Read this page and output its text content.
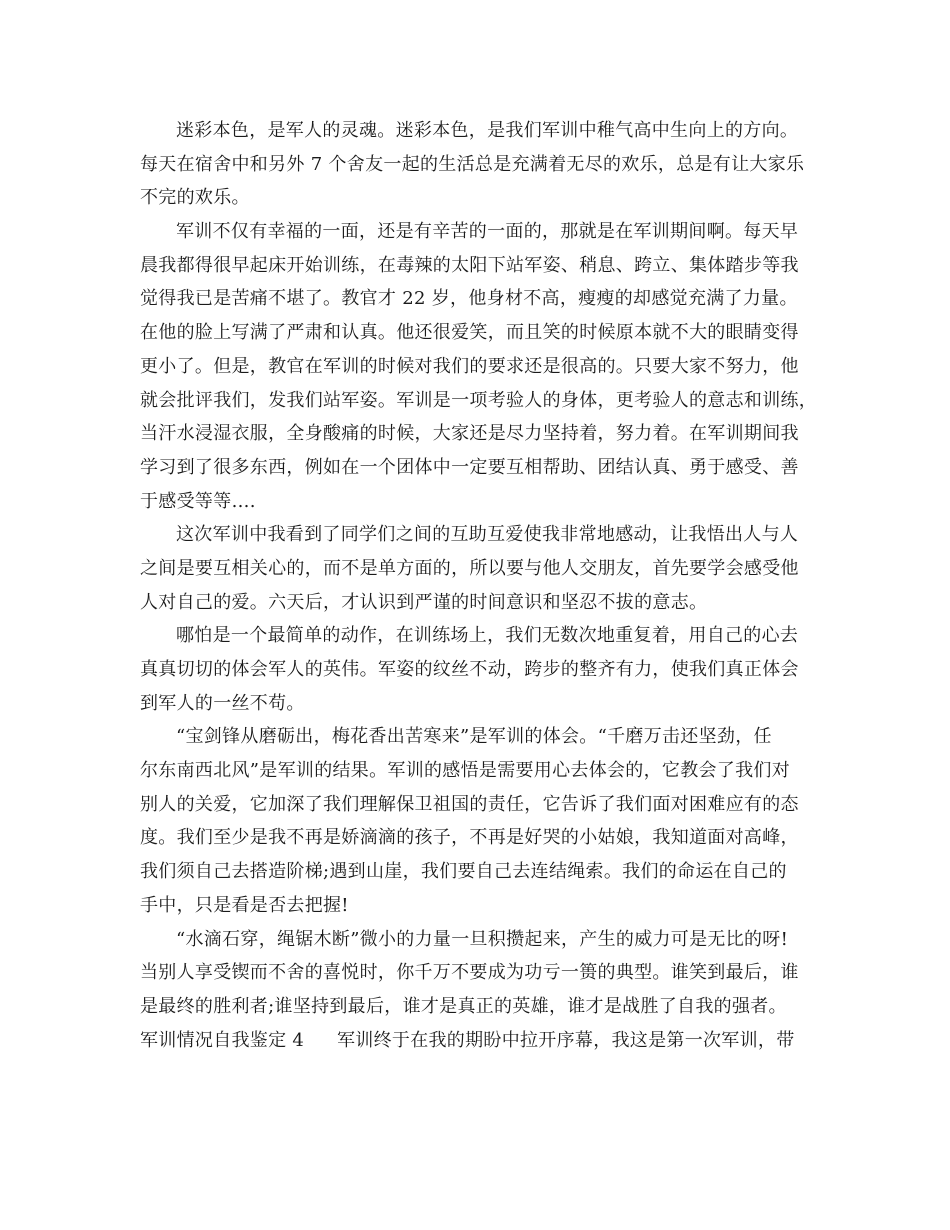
迷彩本色，是军人的灵魂。迷彩本色，是我们军训中稚气高中生向上的方向。
每天在宿舍中和另外 7 个舍友一起的生活总是充满着无尽的欢乐，总是有让大家乐
不完的欢乐。
军训不仅有幸福的一面，还是有辛苦的一面的，那就是在军训期间啊。每天早
晨我都得很早起床开始训练，在毒辣的太阳下站军姿、稍息、跨立、集体踏步等我
觉得我已是苦痛不堪了。教官才 22 岁，他身材不高，瘦瘦的却感觉充满了力量。
在他的脸上写满了严肃和认真。他还很爱笑，而且笑的时候原本就不大的眼睛变得
更小了。但是，教官在军训的时候对我们的要求还是很高的。只要大家不努力，他
就会批评我们，发我们站军姿。军训是一项考验人的身体，更考验人的意志和训练，
当汗水浸湿衣服，全身酸痛的时候，大家还是尽力坚持着，努力着。在军训期间我
学习到了很多东西，例如在一个团体中一定要互相帮助、团结认真、勇于感受、善
于感受等等….
这次军训中我看到了同学们之间的互助互爱使我非常地感动，让我悟出人与人
之间是要互相关心的，而不是单方面的，所以要与他人交朋友，首先要学会感受他
人对自己的爱。六天后，才认识到严谨的时间意识和坚忍不拔的意志。
哪怕是一个最简单的动作，在训练场上，我们无数次地重复着，用自己的心去
真真切切的体会军人的英伟。军姿的纹丝不动，跨步的整齐有力，使我们真正体会
到军人的一丝不苟。
“宝剑锋从磨砺出，梅花香出苦寒来”是军训的体会。“千磨万击还坚劲，任
尔东南西北风”是军训的结果。军训的感悟是需要用心去体会的，它教会了我们对
别人的关爱，它加深了我们理解保卫祖国的责任，它告诉了我们面对困难应有的态
度。我们至少是我不再是娇滴滴的孩子，不再是好哭的小姑娘，我知道面对高峰，
我们须自己去搭造阶梯;遇到山崖，我们要自己去连结绳索。我们的命运在自己的
手中，只是看是否去把握!
“水滴石穿，绳锯木断”微小的力量一旦积攒起来，产生的威力可是无比的呀!
当别人享受锲而不舍的喜悦时，你千万不要成为功亏一篑的典型。谁笑到最后，谁
是最终的胜利者;谁坚持到最后，谁才是真正的英雄，谁才是战胜了自我的强者。
军训情况自我鉴定 4 军训终于在我的期盼中拉开序幕，我这是第一次军训，带
